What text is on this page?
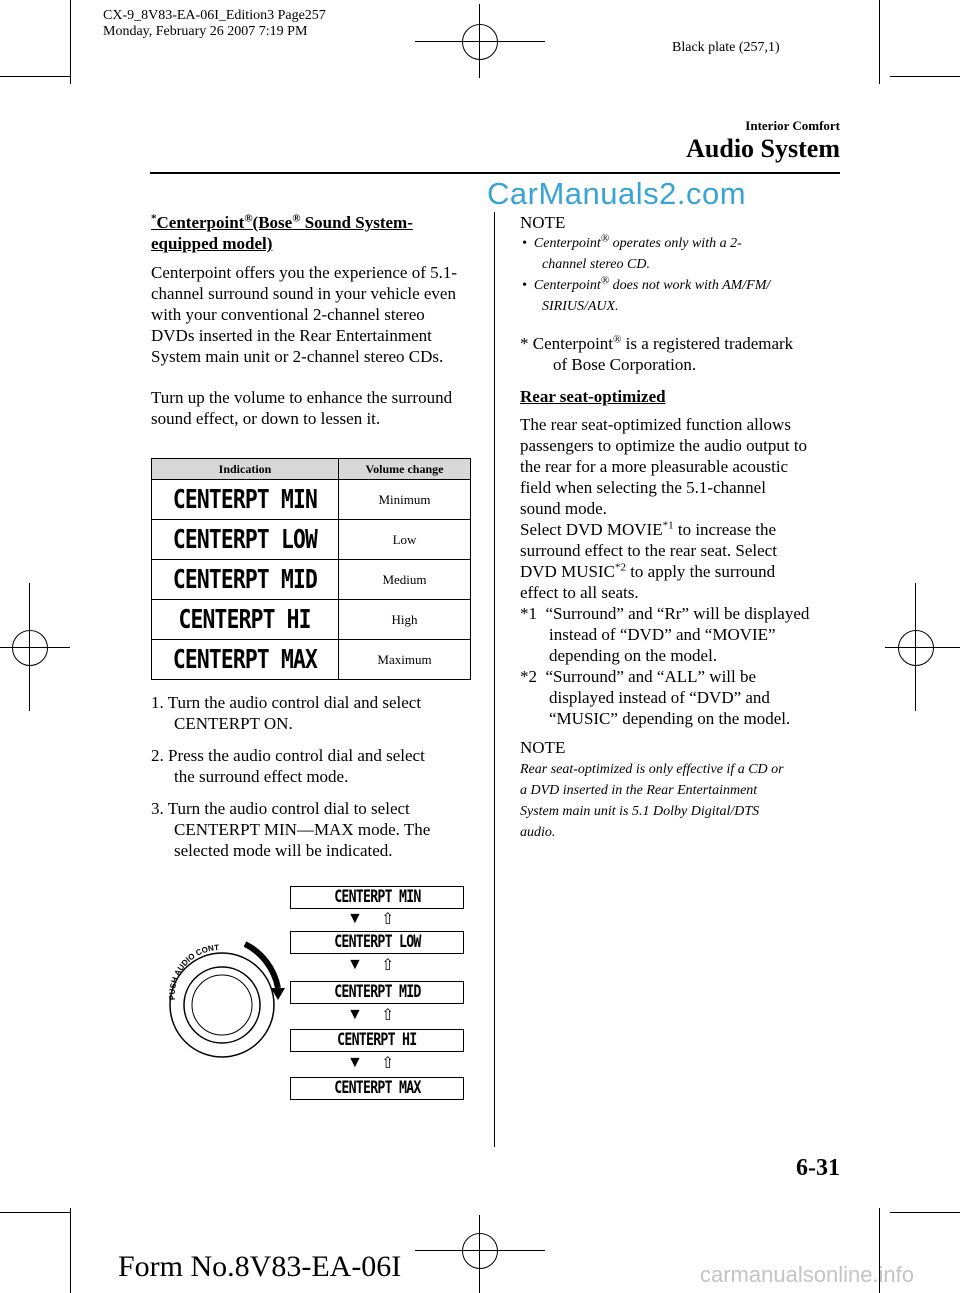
CX-9_8V83-EA-06I_Edition3 Page257
Monday, February 26 2007 7:19 PM
Black plate (257,1)
Interior Comfort
Audio System
CarManuals2.com
*Centerpoint®(Bose® Sound System-
equipped model)
Centerpoint offers you the experience of 5.1-channel surround sound in your vehicle even with your conventional 2-channel stereo DVDs inserted in the Rear Entertainment System main unit or 2-channel stereo CDs.
Turn up the volume to enhance the surround sound effect, or down to lessen it.
Indication	Volume change
CENTERPT MIN	Minimum
CENTERPT LOW	Low
CENTERPT MID	Medium
CENTERPT HI	High
CENTERPT MAX	Maximum
1. Turn the audio control dial and select
CENTERPT ON.
2. Press the audio control dial and select
the surround effect mode.
3. Turn the audio control dial to select
CENTERPT MIN―MAX mode. The
selected mode will be indicated.
PUSH AUDIO CONT
CENTERPT MIN
▼ ⇧
CENTERPT LOW
▼ ⇧
CENTERPT MID
▼ ⇧
CENTERPT HI
▼ ⇧
CENTERPT MAX
NOTE
• Centerpoint® operates only with a 2-
channel stereo CD.
• Centerpoint® does not work with AM/FM/
SIRIUS/AUX.
* Centerpoint® is a registered trademark
of Bose Corporation.
Rear seat-optimized
The rear seat-optimized function allows
passengers to optimize the audio output to
the rear for a more pleasurable acoustic
field when selecting the 5.1-channel
sound mode.
Select DVD MOVIE$^{*1}$ to increase the
surround effect to the rear seat. Select
DVD MUSIC$^{*2}$ to apply the surround
effect to all seats.
*1 “Surround” and “Rr” will be displayed
instead of “DVD” and “MOVIE”
depending on the model.
*2 “Surround” and “ALL” will be
displayed instead of “DVD” and
“MUSIC” depending on the model.
NOTE
Rear seat-optimized is only effective if a CD or
a DVD inserted in the Rear Entertainment
System main unit is 5.1 Dolby Digital/DTS
audio.
6-31
Form No.8V83-EA-06I	carmanualsonline.info
